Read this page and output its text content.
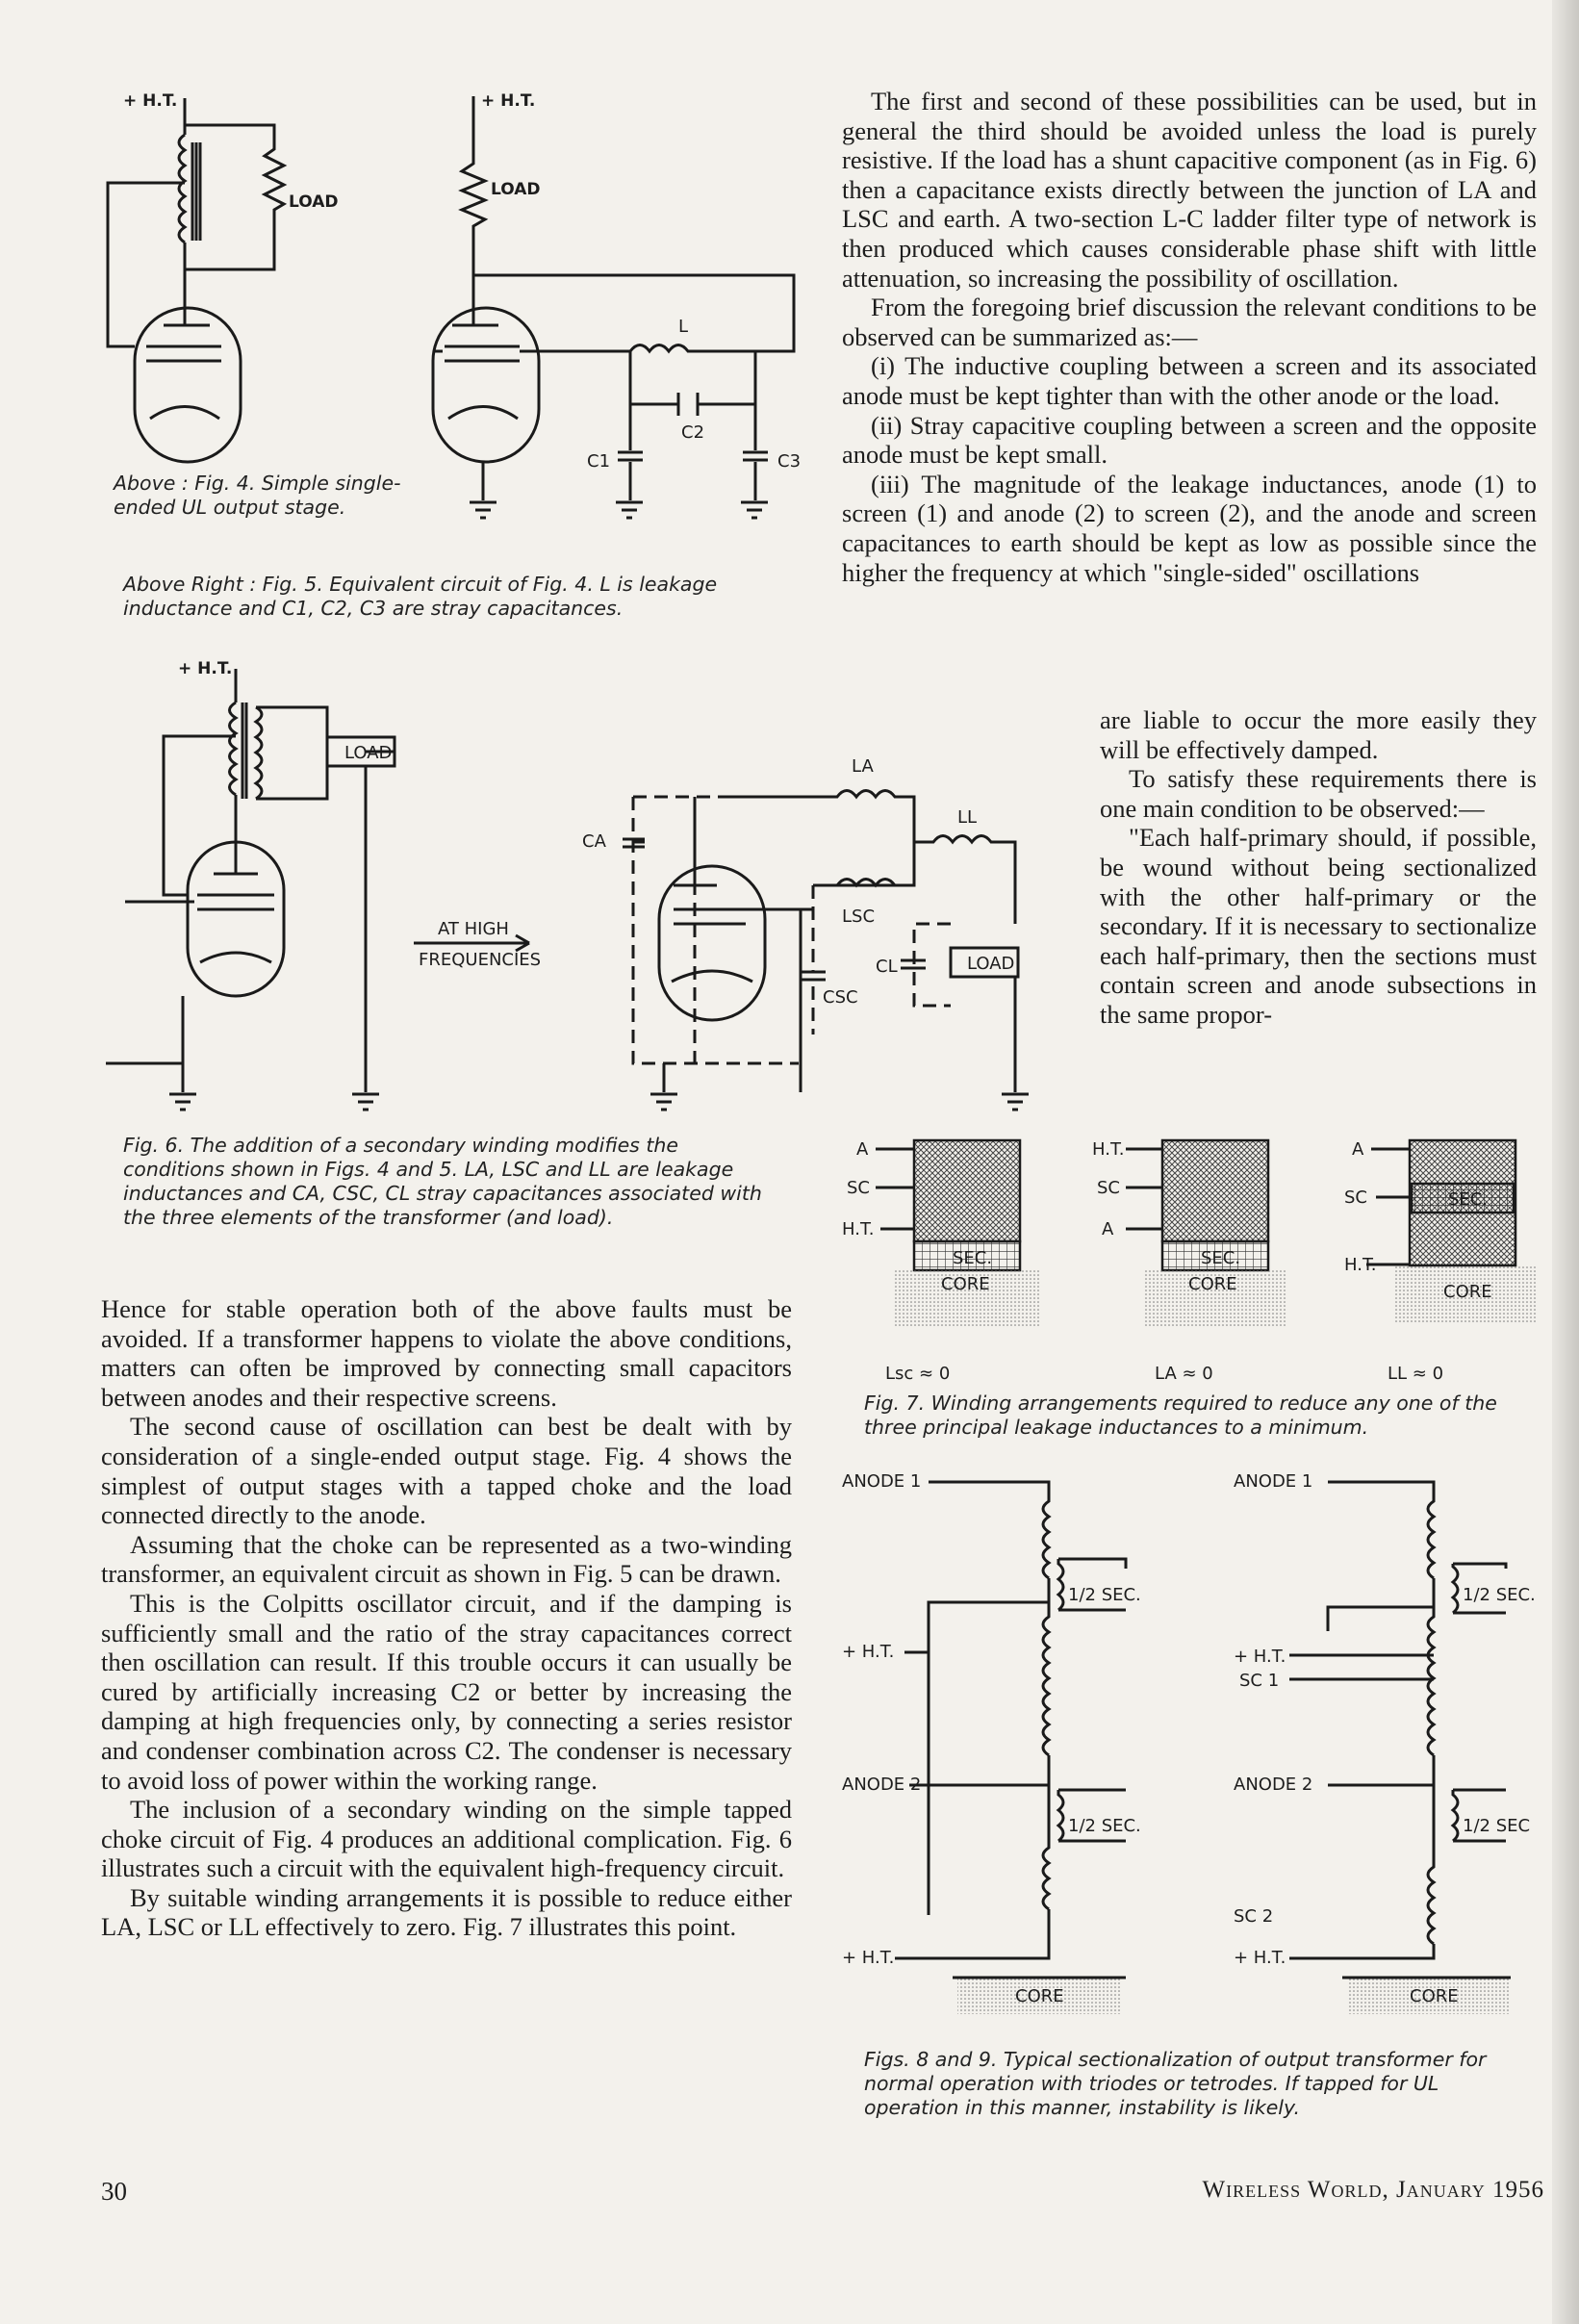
+ H.T.
LOAD
Above : Fig. 4. Simple single-ended UL output stage.
+ H.T.
LOAD
L
C2
C1	C3
Above Right : Fig. 5. Equivalent circuit of Fig. 4. L is leakage inductance and C1, C2, C3 are stray capacitances.
+ H.T.
LOAD
AT HIGH
FREQUENCIES
LA
LL
LSC
CSC
CA
CL	LOAD
Fig. 6. The addition of a secondary winding modifies the conditions shown in Figs. 4 and 5. LA, LSC and LL are leakage inductances and CA, CSC, CL stray capacitances associated with the three elements of the transformer (and load).

Hence for stable operation both of the above faults must be avoided. If a transformer happens to violate the above conditions, matters can often be improved by connecting small capacitors between anodes and their respective screens.

The second cause of oscillation can best be dealt with by consideration of a single-ended output stage. Fig. 4 shows the simplest of output stages with a tapped choke and the load connected directly to the anode.

Assuming that the choke can be represented as a two-winding transformer, an equivalent circuit as shown in Fig. 5 can be drawn.

This is the Colpitts oscillator circuit, and if the damping is sufficiently small and the ratio of the stray capacitances correct then oscillation can result. If this trouble occurs it can usually be cured by artificially increasing C2 or better by increasing the damping at high frequencies only, by connecting a series resistor and condenser combination across C2. The condenser is necessary to avoid loss of power within the working range.

The inclusion of a secondary winding on the simple tapped choke circuit of Fig. 4 produces an additional complication. Fig. 6 illustrates such a circuit with the equivalent high-frequency circuit.

By suitable winding arrangements it is possible to reduce either LA, LSC or LL effectively to zero. Fig. 7 illustrates this point.

The first and second of these possibilities can be used, but in general the third should be avoided unless the load is purely resistive. If the load has a shunt capacitive component (as in Fig. 6) then a capacitance exists directly between the junction of LA and LSC and earth. A two-section L-C ladder filter type of network is then produced which causes considerable phase shift with little attenuation, so increasing the possibility of oscillation.

From the foregoing brief discussion the relevant conditions to be observed can be summarized as:—

(i) The inductive coupling between a screen and its associated anode must be kept tighter than with the other anode or the load.

(ii) Stray capacitive coupling between a screen and the opposite anode must be kept small.

(iii) The magnitude of the leakage inductances, anode (1) to screen (1) and anode (2) to screen (2), and the anode and screen capacitances to earth should be kept as low as possible since the higher the frequency at which "single-sided" oscillations

are liable to occur the more easily they will be effectively damped.

To satisfy these requirements there is one main condition to be observed:—

"Each half-primary should, if possible, be wound without being sectionalized with the other half-primary or the secondary. If it is necessary to sectionalize each half-primary, then the sections must contain screen and anode subsections in the same propor-

A
SC
H.T.
SEC.
CORE
Lsc ≈ 0
H.T.
SC
A
SEC.
CORE
LA ≈ 0
A
SC
H.T.
SEC.
CORE
LL ≈ 0
Fig. 7. Winding arrangements required to reduce any one of the three principal leakage inductances to a minimum.
ANODE 1
1/2 SEC.
+ H.T.
ANODE 2
1/2 SEC.
+ H.T.
CORE
ANODE 1
1/2 SEC.
+ H.T.
SC 1
ANODE 2
1/2 SEC
SC 2
+ H.T.
CORE
Figs. 8 and 9. Typical sectionalization of output transformer for normal operation with triodes or tetrodes. If tapped for UL operation in this manner, instability is likely.
30	Wireless World, January 1956
